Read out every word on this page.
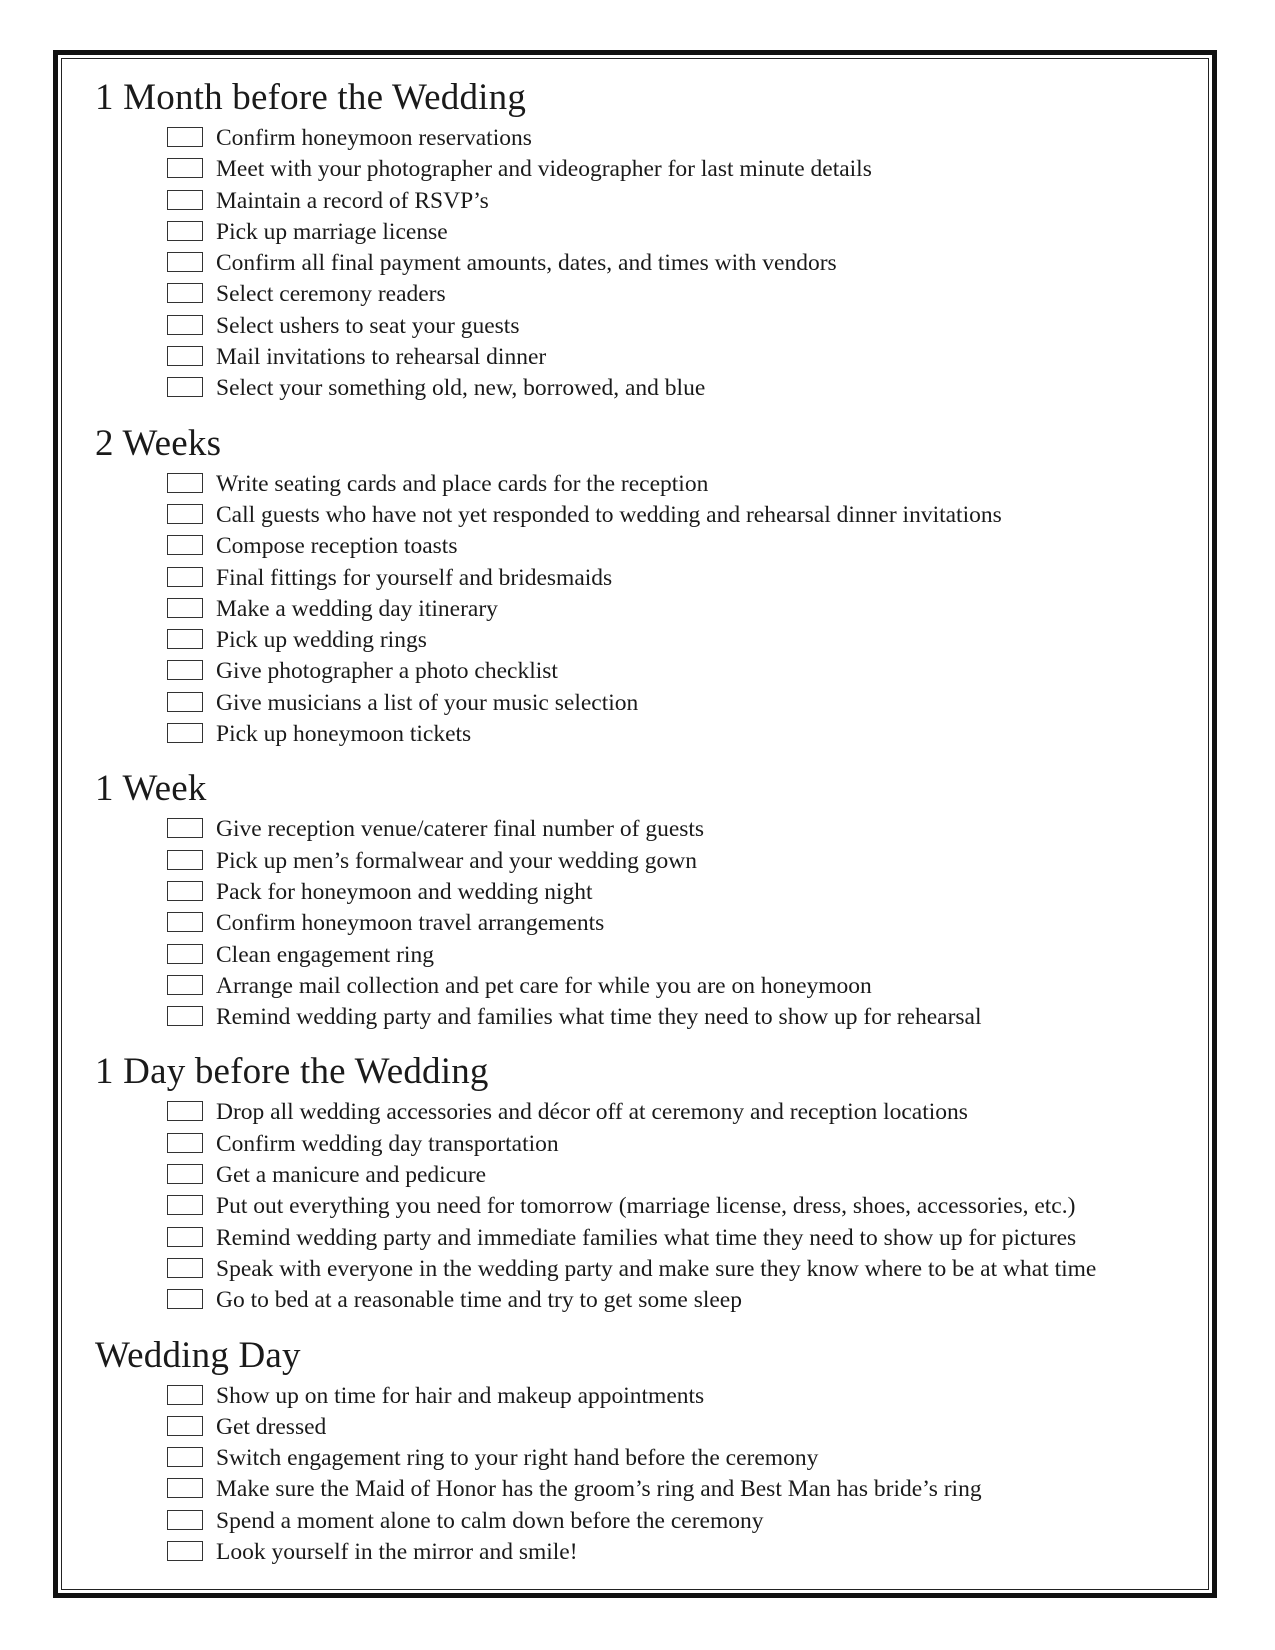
1 Month before the Wedding
Confirm honeymoon reservations
Meet with your photographer and videographer for last minute details
Maintain a record of RSVP’s
Pick up marriage license
Confirm all final payment amounts, dates, and times with vendors
Select ceremony readers
Select ushers to seat your guests
Mail invitations to rehearsal dinner
Select your something old, new, borrowed, and blue
2 Weeks
Write seating cards and place cards for the reception
Call guests who have not yet responded to wedding and rehearsal dinner invitations
Compose reception toasts
Final fittings for yourself and bridesmaids
Make a wedding day itinerary
Pick up wedding rings
Give photographer a photo checklist
Give musicians a list of your music selection
Pick up honeymoon tickets
1 Week
Give reception venue/caterer final number of guests
Pick up men’s formalwear and your wedding gown
Pack for honeymoon and wedding night
Confirm honeymoon travel arrangements
Clean engagement ring
Arrange mail collection and pet care for while you are on honeymoon
Remind wedding party and families what time they need to show up for rehearsal
1 Day before the Wedding
Drop all wedding accessories and décor off at ceremony and reception locations
Confirm wedding day transportation
Get a manicure and pedicure
Put out everything you need for tomorrow (marriage license, dress, shoes, accessories, etc.)
Remind wedding party and immediate families what time they need to show up for pictures
Speak with everyone in the wedding party and make sure they know where to be at what time
Go to bed at a reasonable time and try to get some sleep
Wedding Day
Show up on time for hair and makeup appointments
Get dressed
Switch engagement ring to your right hand before the ceremony
Make sure the Maid of Honor has the groom’s ring and Best Man has bride’s ring
Spend a moment alone to calm down before the ceremony
Look yourself in the mirror and smile!
